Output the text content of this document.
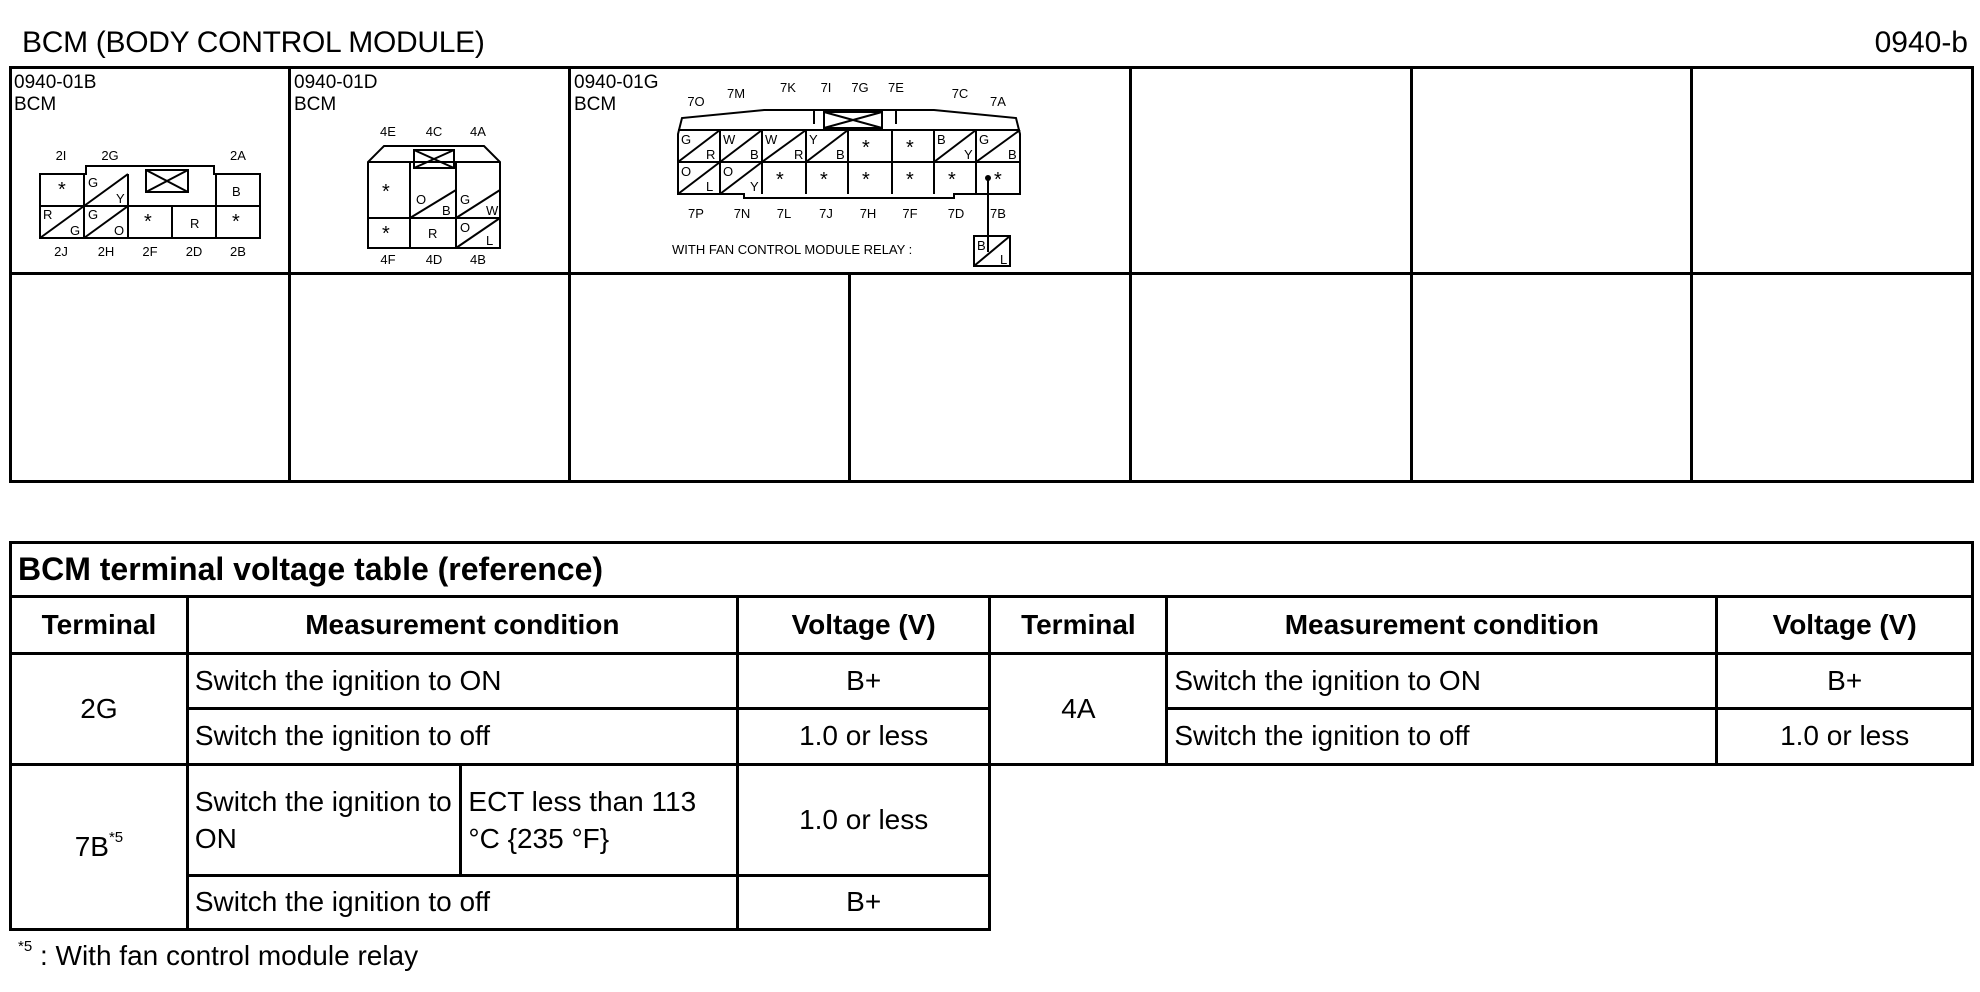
BCM (BODY CONTROL MODULE)	0940-b
0940-01B
BCM
2I	2G	2A
2J 2H 2F 2D 2B
* G
Y	B
R
G
G
O *	R *
0940-01D
BCM
4E 4C 4A
4F 4D 4B
* O
B
G
W
*	R O
L
0940-01G
BCM	7O
7M	7K 7I 7G 7E	7C
7A
7P 7N 7L 7J 7H 7F 7D 7B
G
R
W
B
W
R
Y
B * * B
Y
G
B
O
L
O
Y * * * * * *
WITH FAN CONTROL MODULE RELAY :	B
L
BCM terminal voltage table (reference)						
Terminal	Measurement condition		Voltage (V)	Terminal	Measurement condition	Voltage (V)
2G	Switch the ignition to ON		B+	4A	Switch the ignition to ON	B+
	Switch the ignition to off		1.0 or less		Switch the ignition to off	1.0 or less
$7B^{*5}$	Switch the ignition to ON	ECT less than 113 °C {235 °F}	1.0 or less			
	Switch the ignition to off		B+			
$^{*5}$ : With fan control module relay
